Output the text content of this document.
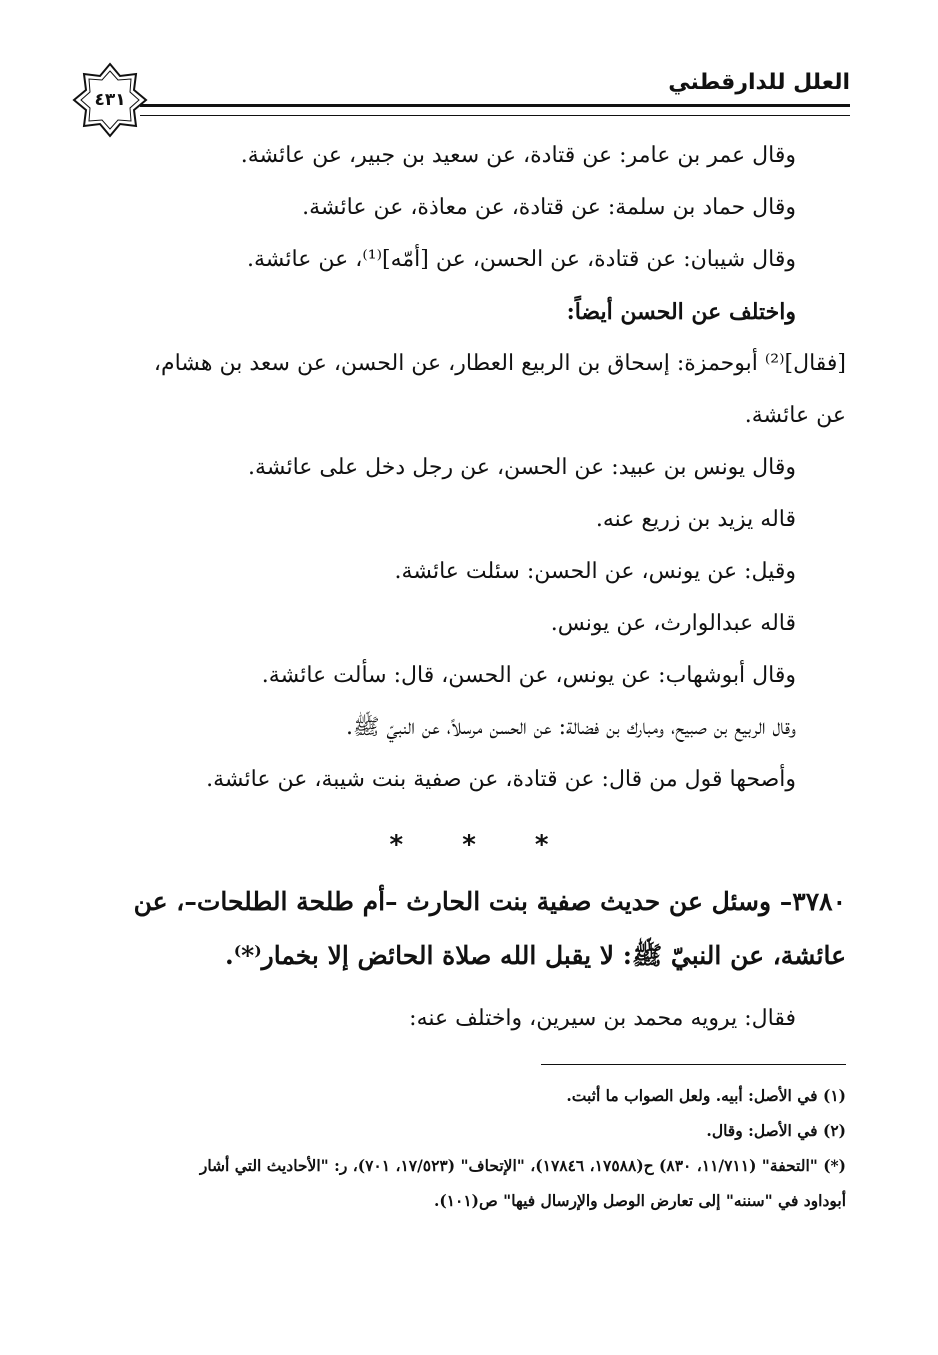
العلل للدارقطني
٤٣١
وقال عمر بن عامر: عن قتادة، عن سعيد بن جبير، عن عائشة.
وقال حماد بن سلمة: عن قتادة، عن معاذة، عن عائشة.
وقال شيبان: عن قتادة، عن الحسن، عن [أمّه]⁽¹⁾، عن عائشة.
واختلف عن الحسن أيضاً:
[فقال]⁽²⁾ أبوحمزة: إسحاق بن الربيع العطار، عن الحسن، عن سعد بن هشام،
عن عائشة.
وقال يونس بن عبيد: عن الحسن، عن رجل دخل على عائشة.
قاله يزيد بن زريع عنه.
وقيل: عن يونس، عن الحسن: سئلت عائشة.
قاله عبدالوارث، عن يونس.
وقال أبوشهاب: عن يونس، عن الحسن، قال: سألت عائشة.
وقال الربيع بن صبيح، ومبارك بن فضالة: عن الحسن مرسلاً، عن النبيّ ﷺ.
وأصحها قول من قال: عن قتادة، عن صفية بنت شيبة، عن عائشة.
* * *
٣٧٨٠– وسئل عن حديث صفية بنت الحارث –أم طلحة الطلحات–، عن
عائشة، عن النبيّ ﷺ: لا يقبل الله صلاة الحائض إلا بخمار⁽*⁾.
فقال: يرويه محمد بن سيرين، واختلف عنه:
(١) في الأصل: أبيه. ولعل الصواب ما أثبت.
(٢) في الأصل: وقال.
(*) "التحفة" (١١/٧١١، ٨٣٠) ح(١٧٥٨٨، ١٧٨٤٦)، "الإتحاف" (١٧/٥٢٣، ٧٠١)، ر: "الأحاديث التي أشار
أبوداود في "سننه" إلى تعارض الوصل والإرسال فيها" ص(١٠١).
